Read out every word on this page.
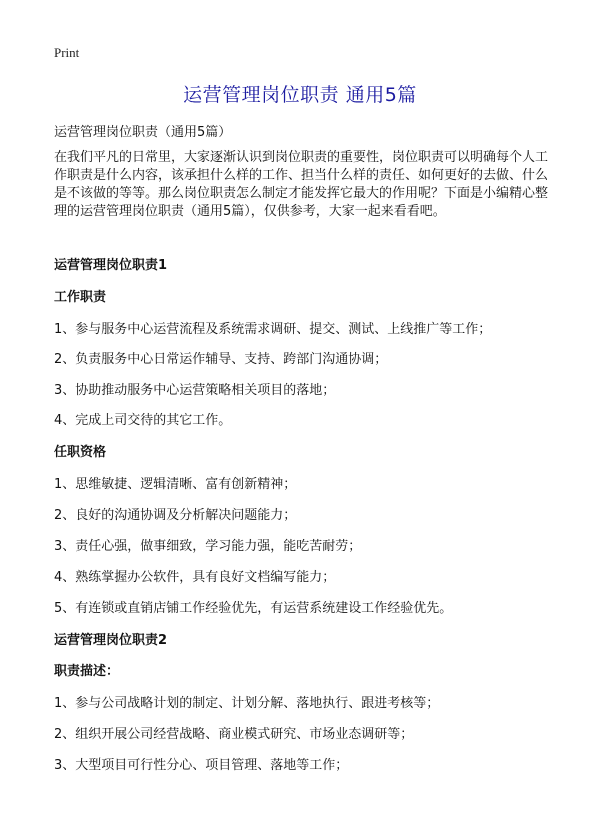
Print
运营管理岗位职责 通用5篇
运营管理岗位职责（通用5篇）
在我们平凡的日常里，大家逐渐认识到岗位职责的重要性，岗位职责可以明确每个人工作职责是什么内容，该承担什么样的工作、担当什么样的责任、如何更好的去做、什么是不该做的等等。那么岗位职责怎么制定才能发挥它最大的作用呢？下面是小编精心整理的运营管理岗位职责（通用5篇），仅供参考，大家一起来看看吧。
运营管理岗位职责1
工作职责
1、参与服务中心运营流程及系统需求调研、提交、测试、上线推广等工作；
2、负责服务中心日常运作辅导、支持、跨部门沟通协调；
3、协助推动服务中心运营策略相关项目的落地；
4、完成上司交待的其它工作。
任职资格
1、思维敏捷、逻辑清晰、富有创新精神；
2、良好的沟通协调及分析解决问题能力；
3、责任心强，做事细致，学习能力强，能吃苦耐劳；
4、熟练掌握办公软件，具有良好文档编写能力；
5、有连锁或直销店铺工作经验优先，有运营系统建设工作经验优先。
运营管理岗位职责2
职责描述：
1、参与公司战略计划的制定、计划分解、落地执行、跟进考核等；
2、组织开展公司经营战略、商业模式研究、市场业态调研等；
3、大型项目可行性分心、项目管理、落地等工作；
